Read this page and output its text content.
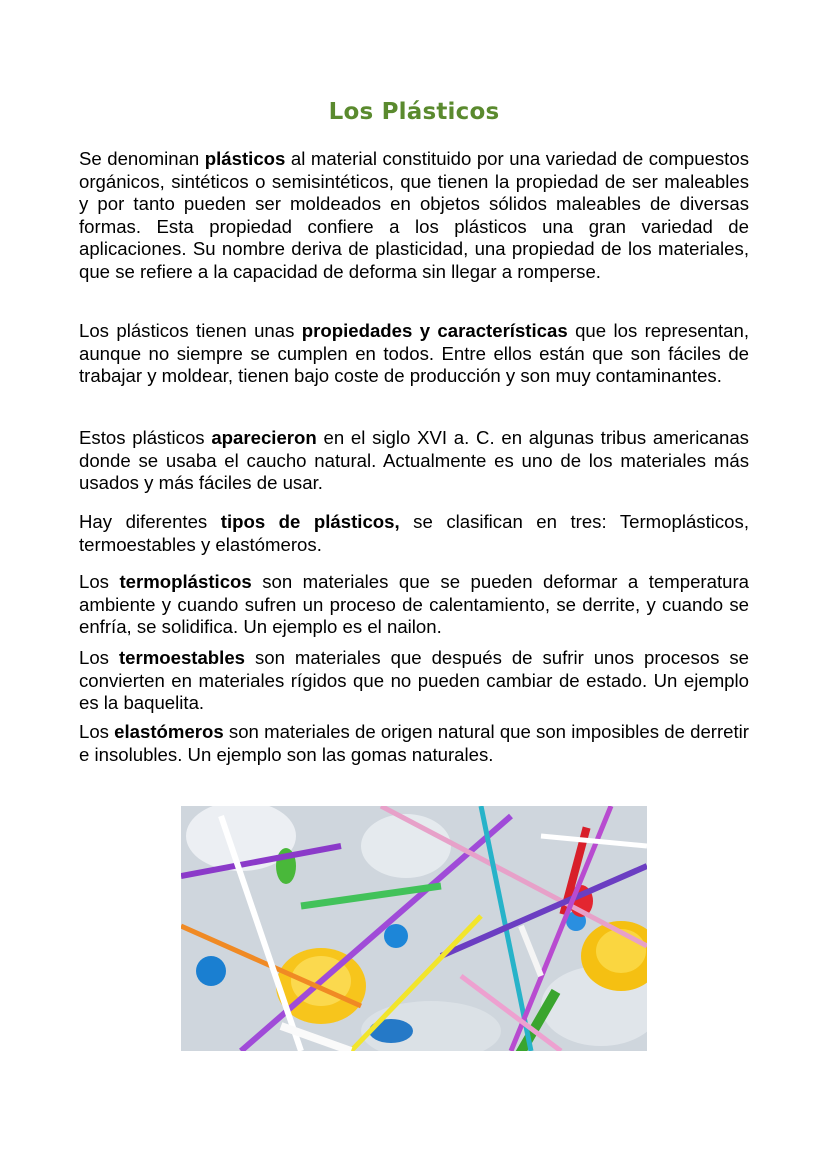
Los Plásticos

Se denominan plásticos al material constituido por una variedad de compuestos orgánicos, sintéticos o semisintéticos, que tienen la propiedad de ser maleables y por tanto pueden ser moldeados en objetos sólidos maleables de diversas formas. Esta propiedad confiere a los plásticos una gran variedad de aplicaciones. Su nombre deriva de plasticidad, una propiedad de los materiales, que se refiere a la capacidad de deforma sin llegar a romperse.

Los plásticos tienen unas propiedades y características que los representan, aunque no siempre se cumplen en todos. Entre ellos están que son fáciles de trabajar y moldear, tienen bajo coste de producción y son muy contaminantes.

Estos plásticos aparecieron en el siglo XVI a. C. en algunas tribus americanas donde se usaba el caucho natural. Actualmente es uno de los materiales más usados y más fáciles de usar.

Hay diferentes tipos de plásticos, se clasifican en tres: Termoplásticos, termoestables y elastómeros.

Los termoplásticos son materiales que se pueden deformar a temperatura ambiente y cuando sufren un proceso de calentamiento, se derrite, y cuando se enfría, se solidifica. Un ejemplo es el nailon.

Los termoestables son materiales que después de sufrir unos procesos se convierten en materiales rígidos que no pueden cambiar de estado. Un ejemplo es la baquelita.

Los elastómeros son materiales de origen natural que son imposibles de derretir e insolubles. Un ejemplo son las gomas naturales.
